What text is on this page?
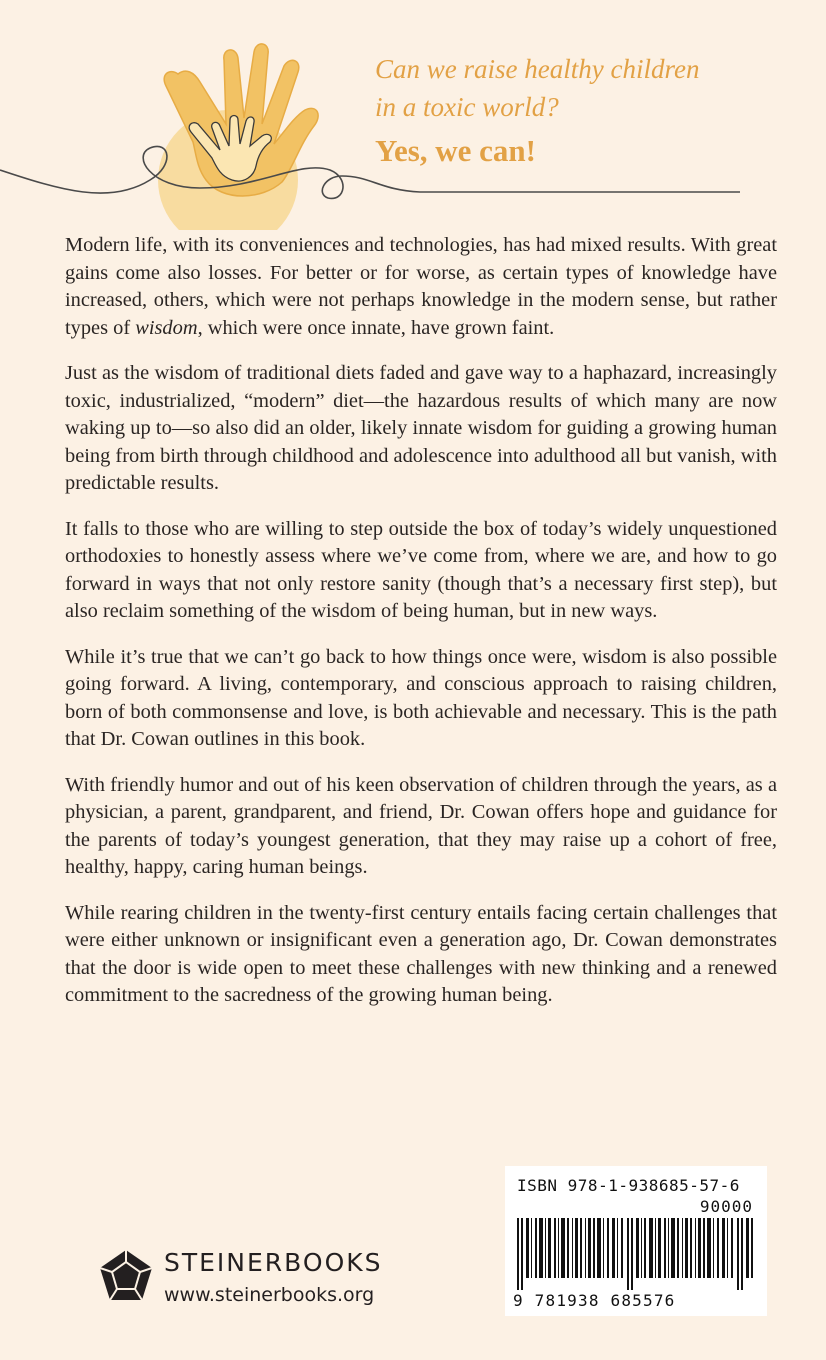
Can we raise healthy children
in a toxic world?
Yes, we can!

Modern life, with its conveniences and technologies, has had mixed results. With great gains come also losses. For better or for worse, as certain types of knowledge have increased, others, which were not perhaps knowledge in the modern sense, but rather types of wisdom, which were once innate, have grown faint.

Just as the wisdom of traditional diets faded and gave way to a haphazard, increasingly toxic, industrialized, “modern” diet—the hazardous results of which many are now waking up to—so also did an older, likely innate wisdom for guiding a growing human being from birth through childhood and adolescence into adulthood all but vanish, with predictable results.

It falls to those who are willing to step outside the box of today’s widely unquestioned orthodoxies to honestly assess where we’ve come from, where we are, and how to go forward in ways that not only restore sanity (though that’s a necessary first step), but also reclaim something of the wisdom of being human, but in new ways.

While it’s true that we can’t go back to how things once were, wisdom is also possible going forward. A living, contemporary, and conscious approach to raising children, born of both commonsense and love, is both achievable and necessary. This is the path that Dr. Cowan outlines in this book.

With friendly humor and out of his keen observation of children through the years, as a physician, a parent, grandparent, and friend, Dr. Cowan offers hope and guidance for the parents of today’s youngest generation, that they may raise up a cohort of free, healthy, happy, caring human beings.

While rearing children in the twenty-first century entails facing certain challenges that were either unknown or insignificant even a generation ago, Dr. Cowan demonstrates that the door is wide open to meet these challenges with new thinking and a renewed commitment to the sacredness of the growing human being.

STEINERBOOKS
www.steinerbooks.org
ISBN 978-1-938685-57-6
90000
9 781938 685576
